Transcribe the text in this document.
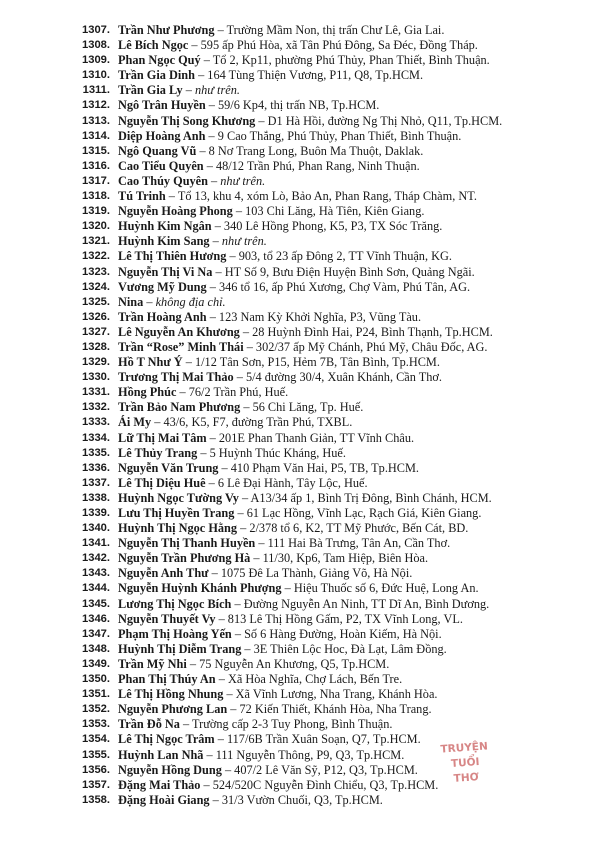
1307. Trần Như Phương – Trường Mầm Non, thị trấn Chư Lê, Gia Lai.
1308. Lê Bích Ngọc – 595 ấp Phú Hòa, xã Tân Phú Đông, Sa Đéc, Đồng Tháp.
1309. Phan Ngọc Quý – Tổ 2, Kp11, phường Phú Thủy, Phan Thiết, Bình Thuận.
1310. Trần Gia Dinh – 164 Tùng Thiện Vương, P11, Q8, Tp.HCM.
1311. Trần Gia Ly – như trên.
1312. Ngô Trân Huyền – 59/6 Kp4, thị trấn NB, Tp.HCM.
1313. Nguyễn Thị Song Khương – D1 Hà Hồi, đường Ng Thị Nhỏ, Q11, Tp.HCM.
1314. Diệp Hoàng Anh – 9 Cao Thắng, Phú Thủy, Phan Thiết, Bình Thuận.
1315. Ngô Quang Vũ – 8 Nơ Trang Long, Buôn Ma Thuột, Daklak.
1316. Cao Tiểu Quyên – 48/12 Trần Phú, Phan Rang, Ninh Thuận.
1317. Cao Thúy Quyên – như trên.
1318. Tú Trinh – Tổ 13, khu 4, xóm Lò, Bảo An, Phan Rang, Tháp Chàm, NT.
1319. Nguyễn Hoàng Phong – 103 Chi Lăng, Hà Tiên, Kiên Giang.
1320. Huỳnh Kim Ngân – 340 Lê Hồng Phong, K5, P3, TX Sóc Trăng.
1321. Huỳnh Kim Sang – như trên.
1322. Lê Thị Thiên Hương – 903, tổ 23 ấp Đông 2, TT Vĩnh Thuận, KG.
1323. Nguyễn Thị Vi Na – HT Số 9, Bưu Điện Huyện Bình Sơn, Quảng Ngãi.
1324. Vương Mỹ Dung – 346 tổ 16, ấp Phú Xương, Chợ Vàm, Phú Tân, AG.
1325. Nina – không địa chỉ.
1326. Trần Hoàng Anh – 123 Nam Kỳ Khởi Nghĩa, P3, Vũng Tàu.
1327. Lê Nguyễn An Khương – 28 Huỳnh Đình Hai, P24, Bình Thạnh, Tp.HCM.
1328. Trần “Rose” Minh Thái – 302/37 ấp Mỹ Chánh, Phú Mỹ, Châu Đốc, AG.
1329. Hồ T Như Ý – 1/12 Tân Sơn, P15, Hẻm 7B, Tân Bình, Tp.HCM.
1330. Trương Thị Mai Thảo – 5/4 đường 30/4, Xuân Khánh, Cần Thơ.
1331. Hồng Phúc – 76/2 Trần Phú, Huế.
1332. Trần Bảo Nam Phương – 56 Chi Lăng, Tp. Huế.
1333. Ái My – 43/6, K5, F7, đường Trần Phú, TXBL.
1334. Lữ Thị Mai Tâm – 201E Phan Thanh Giản, TT Vĩnh Châu.
1335. Lê Thủy Trang – 5 Huỳnh Thúc Kháng, Huế.
1336. Nguyễn Văn Trung – 410 Phạm Văn Hai, P5, TB, Tp.HCM.
1337. Lê Thị Diệu Huê – 6 Lê Đại Hành, Tây Lộc, Huế.
1338. Huỳnh Ngọc Tường Vy – A13/34 ấp 1, Bình Trị Đông, Bình Chánh, HCM.
1339. Lưu Thị Huyền Trang – 61 Lạc Hồng, Vĩnh Lạc, Rạch Giá, Kiên Giang.
1340. Huỳnh Thị Ngọc Hằng – 2/378 tổ 6, K2, TT Mỹ Phước, Bến Cát, BD.
1341. Nguyễn Thị Thanh Huyền – 111 Hai Bà Trưng, Tân An, Cần Thơ.
1342. Nguyễn Trần Phương Hà – 11/30, Kp6, Tam Hiệp, Biên Hòa.
1343. Nguyễn Anh Thư – 1075 Đê La Thành, Giảng Võ, Hà Nội.
1344. Nguyễn Huỳnh Khánh Phượng – Hiệu Thuốc số 6, Đức Huệ, Long An.
1345. Lương Thị Ngọc Bích – Đường Nguyễn An Ninh, TT Dĩ An, Bình Dương.
1346. Nguyễn Thuyết Vy – 813 Lê Thị Hồng Gấm, P2, TX Vĩnh Long, VL.
1347. Phạm Thị Hoàng Yến – Số 6 Hàng Đường, Hoàn Kiếm, Hà Nội.
1348. Huỳnh Thị Diễm Trang – 3E Thiên Lộc Hoc, Đà Lạt, Lâm Đồng.
1349. Trần Mỹ Nhi – 75 Nguyễn An Khương, Q5, Tp.HCM.
1350. Phan Thị Thúy An – Xã Hòa Nghĩa, Chợ Lách, Bến Tre.
1351. Lê Thị Hồng Nhung – Xã Vĩnh Lương, Nha Trang, Khánh Hòa.
1352. Nguyễn Phương Lan – 72 Kiến Thiết, Khánh Hòa, Nha Trang.
1353. Trần Đỗ Na – Trường cấp 2-3 Tuy Phong, Bình Thuận.
1354. Lê Thị Ngọc Trâm – 117/6B Trần Xuân Soạn, Q7, Tp.HCM.
1355. Huỳnh Lan Nhã – 111 Nguyễn Thông, P9, Q3, Tp.HCM.
1356. Nguyễn Hồng Dung – 407/2 Lê Văn Sỹ, P12, Q3, Tp.HCM.
1357. Đặng Mai Thảo – 524/520C Nguyễn Đình Chiểu, Q3, Tp.HCM.
1358. Đặng Hoài Giang – 31/3 Vườn Chuối, Q3, Tp.HCM.
TRUYỆN
TUỔI THƠ
